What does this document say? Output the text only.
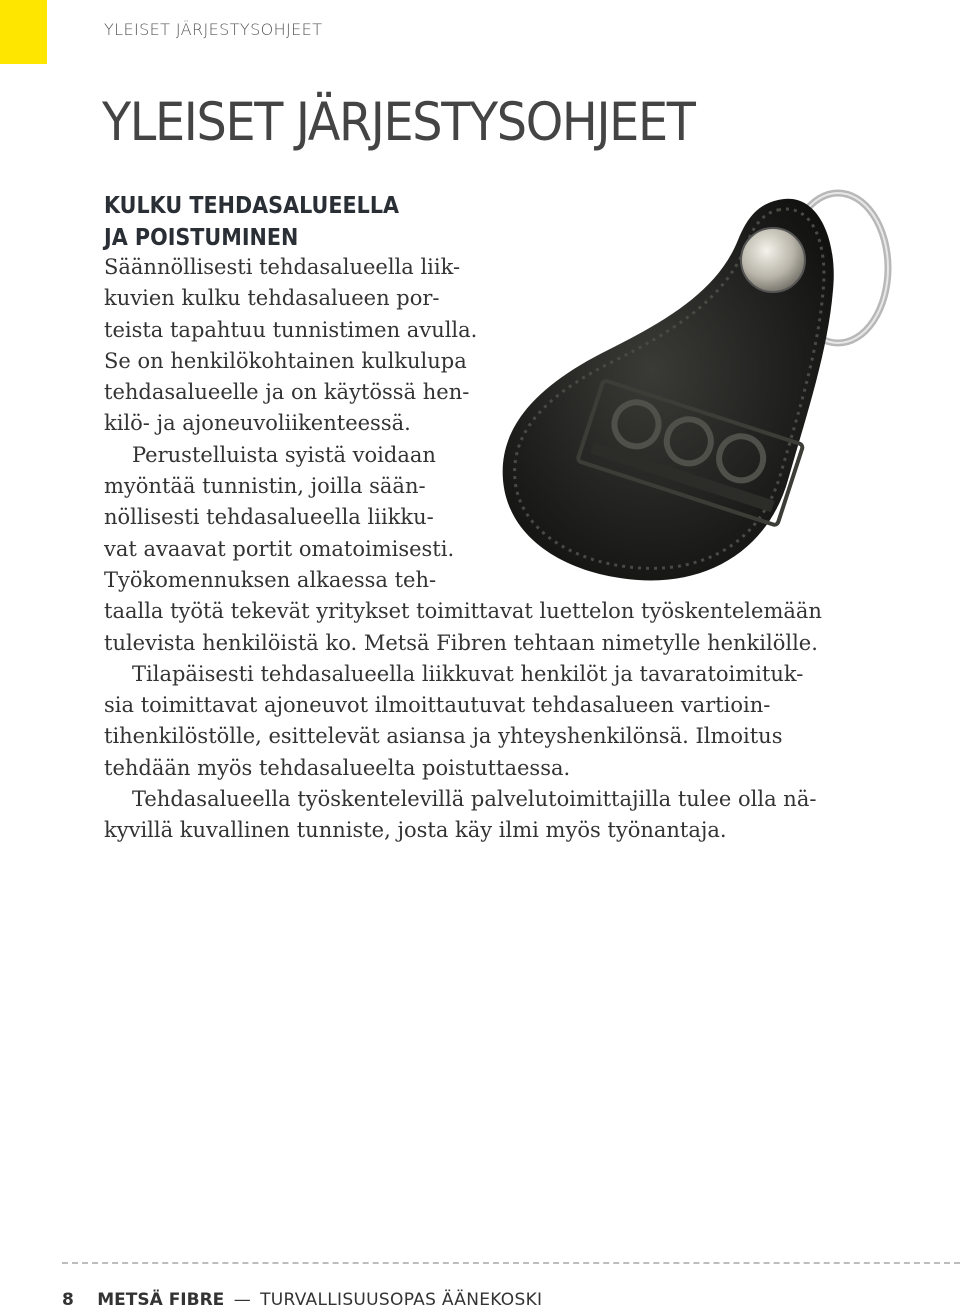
YLEISET JÄRJESTYSOHJEET
YLEISET JÄRJESTYSOHJEET
KULKU TEHDASALUEELLA
JA POISTUMINEN
Säännöllisesti tehdasalueella liik-
kuvien kulku tehdasalueen por-
teista tapahtuu tunnistimen avulla.
Se on henkilökohtainen kulkulupa
tehdasalueelle ja on käytössä hen-
kilö- ja ajoneuvoliikenteessä.
Perustelluista syistä voidaan
myöntää tunnistin, joilla sään-
nöllisesti tehdasalueella liikku-
vat avaavat portit omatoimisesti.
Työkomennuksen alkaessa teh-
taalla työtä tekevät yritykset toimittavat luettelon työskentelemään
tulevista henkilöistä ko. Metsä Fibren tehtaan nimetylle henkilölle.
Tilapäisesti tehdasalueella liikkuvat henkilöt ja tavaratoimituk-
sia toimittavat ajoneuvot ilmoittautuvat tehdasalueen vartioin-
tihenkilöstölle, esittelevät asiansa ja yhteyshenkilönsä. Ilmoitus
tehdään myös tehdasalueelta poistuttaessa.
Tehdasalueella työskentelevillä palvelutoimittajilla tulee olla nä-
kyvillä kuvallinen tunniste, josta käy ilmi myös työnantaja.
8 METSÄ FIBRE — TURVALLISUUSOPAS ÄÄNEKOSKI
